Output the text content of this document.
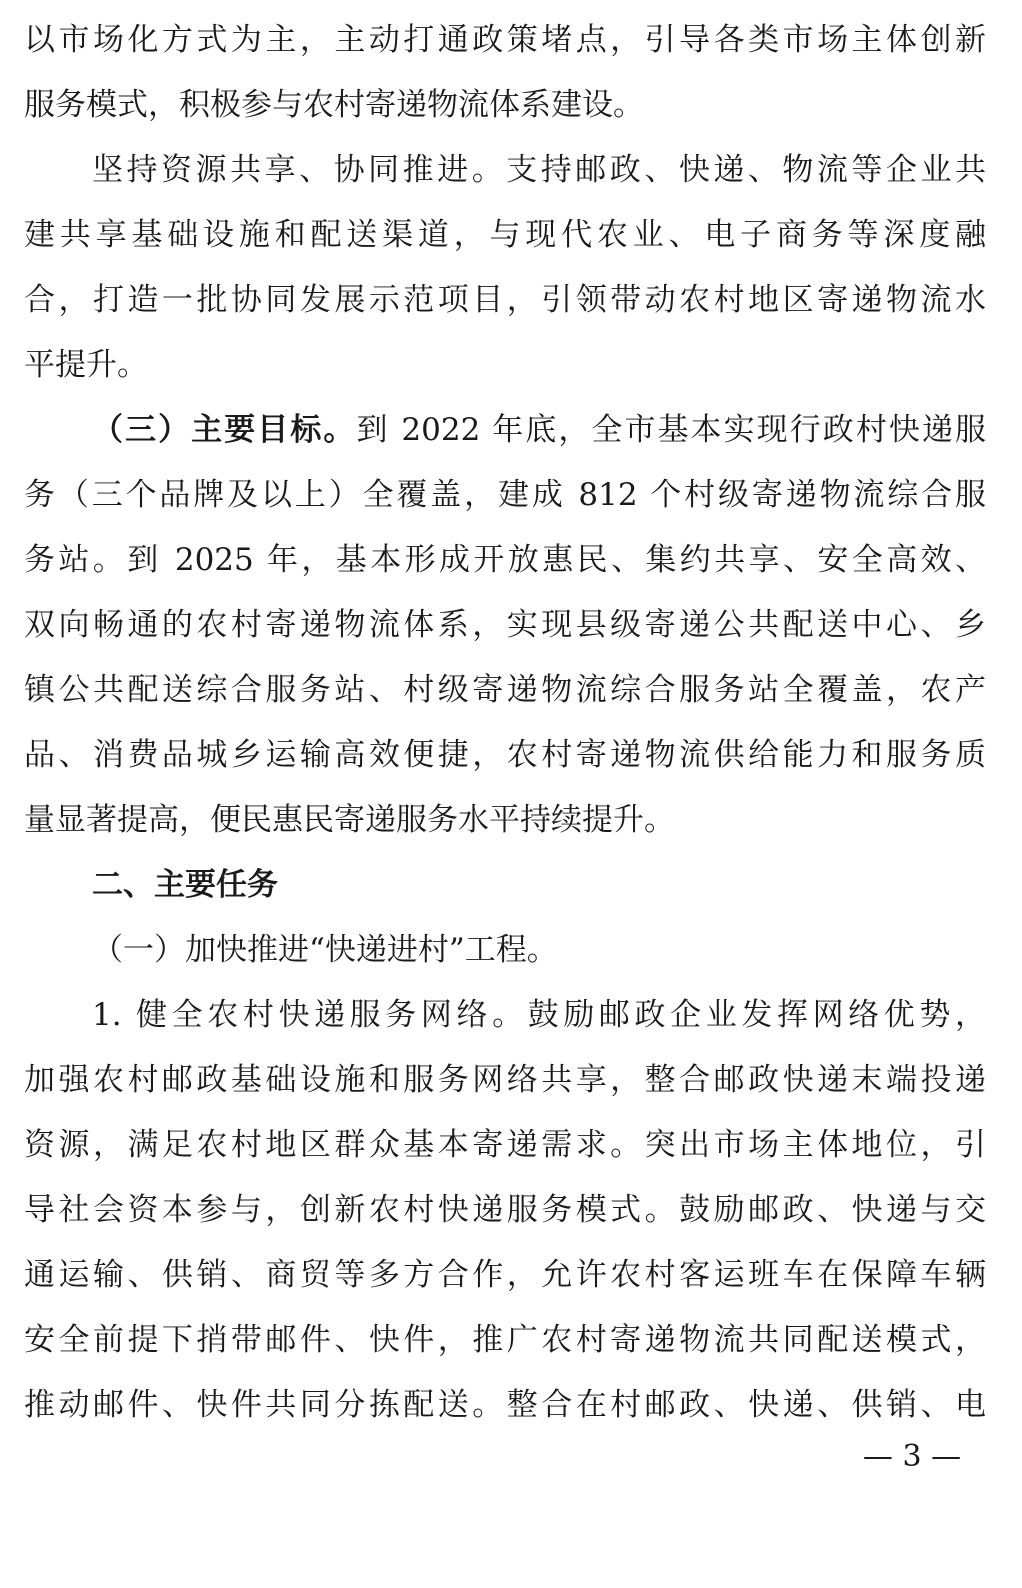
以市场化方式为主，主动打通政策堵点，引导各类市场主体创新
服务模式，积极参与农村寄递物流体系建设。
坚持资源共享、协同推进。支持邮政、快递、物流等企业共
建共享基础设施和配送渠道，与现代农业、电子商务等深度融
合，打造一批协同发展示范项目，引领带动农村地区寄递物流水
平提升。
（三）主要目标。到 2022 年底，全市基本实现行政村快递服
务（三个品牌及以上）全覆盖，建成 812 个村级寄递物流综合服
务站。到 2025 年，基本形成开放惠民、集约共享、安全高效、
双向畅通的农村寄递物流体系，实现县级寄递公共配送中心、乡
镇公共配送综合服务站、村级寄递物流综合服务站全覆盖，农产
品、消费品城乡运输高效便捷，农村寄递物流供给能力和服务质
量显著提高，便民惠民寄递服务水平持续提升。
二、主要任务
（一）加快推进“快递进村”工程。
1. 健全农村快递服务网络。鼓励邮政企业发挥网络优势，
加强农村邮政基础设施和服务网络共享，整合邮政快递末端投递
资源，满足农村地区群众基本寄递需求。突出市场主体地位，引
导社会资本参与，创新农村快递服务模式。鼓励邮政、快递与交
通运输、供销、商贸等多方合作，允许农村客运班车在保障车辆
安全前提下捎带邮件、快件，推广农村寄递物流共同配送模式，
推动邮件、快件共同分拣配送。整合在村邮政、快递、供销、电
— 3 —
